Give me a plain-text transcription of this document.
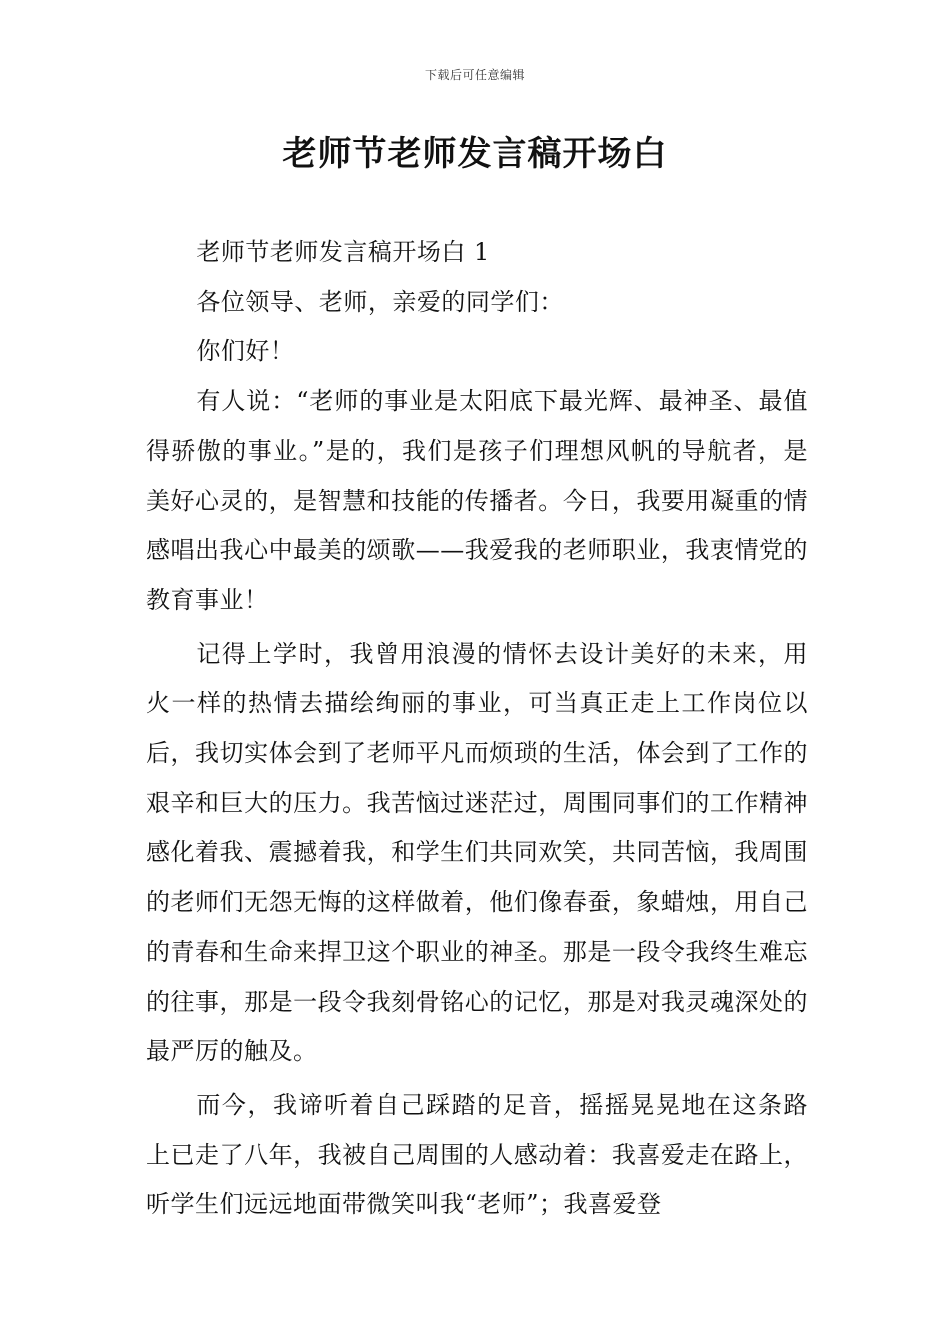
下载后可任意编辑
老师节老师发言稿开场白

老师节老师发言稿开场白 1

各位领导、老师，亲爱的同学们：

你们好！

有人说：“老师的事业是太阳底下最光辉、最神圣、最值得骄傲的事业。”是的，我们是孩子们理想风帆的导航者，是美好心灵的，是智慧和技能的传播者。今日，我要用凝重的情感唱出我心中最美的颂歌——我爱我的老师职业，我衷情党的教育事业！

记得上学时，我曾用浪漫的情怀去设计美好的未来，用火一样的热情去描绘绚丽的事业，可当真正走上工作岗位以后，我切实体会到了老师平凡而烦琐的生活，体会到了工作的艰辛和巨大的压力。我苦恼过迷茫过，周围同事们的工作精神感化着我、震撼着我，和学生们共同欢笑，共同苦恼，我周围的老师们无怨无悔的这样做着，他们像春蚕，象蜡烛，用自己的青春和生命来捍卫这个职业的神圣。那是一段令我终生难忘的往事，那是一段令我刻骨铭心的记忆，那是对我灵魂深处的最严厉的触及。

而今，我谛听着自己踩踏的足音，摇摇晃晃地在这条路上已走了八年，我被自己周围的人感动着：我喜爱走在路上，听学生们远远地面带微笑叫我“老师”；我喜爱登
